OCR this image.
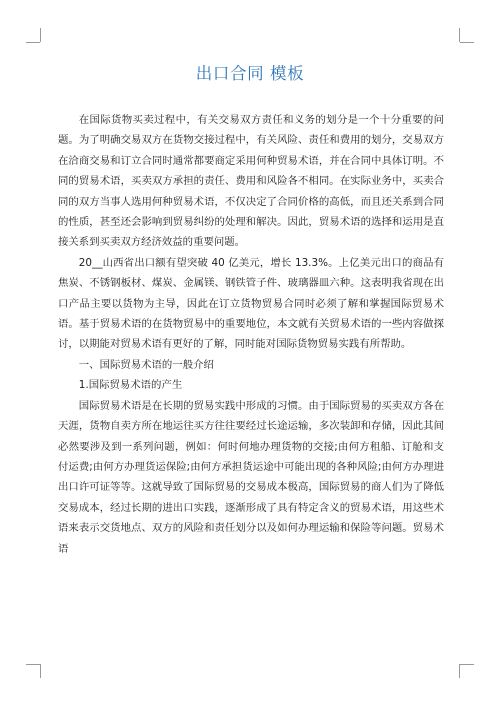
出口合同 模板

在国际货物买卖过程中，有关交易双方责任和义务的划分是一个十分重要的问题。为了明确交易双方在货物交接过程中，有关风险、责任和费用的划分，交易双方在洽商交易和订立合同时通常都要商定采用何种贸易术语，并在合同中具体订明。不同的贸易术语，买卖双方承担的责任、费用和风险各不相同。在实际业务中，买卖合同的双方当事人选用何种贸易术语，不仅决定了合同价格的高低，而且还关系到合同的性质，甚至还会影响到贸易纠纷的处理和解决。因此，贸易术语的选择和运用是直接关系到买卖双方经济效益的重要问题。

20__山西省出口额有望突破 40 亿美元，增长 13.3%。上亿美元出口的商品有焦炭、不锈钢板材、煤炭、金属镁、钢铁管子件、玻璃器皿六种。这表明我省现在出口产品主要以货物为主导，因此在订立货物贸易合同时必须了解和掌握国际贸易术语。基于贸易术语的在货物贸易中的重要地位，本文就有关贸易术语的一些内容做探讨，以期能对贸易术语有更好的了解，同时能对国际货物贸易实践有所帮助。

一、国际贸易术语的一般介绍

1.国际贸易术语的产生

国际贸易术语是在长期的贸易实践中形成的习惯。由于国际贸易的买卖双方各在天涯，货物自卖方所在地运往买方往往要经过长途运输，多次装卸和存储，因此其间必然要涉及到一系列问题，例如：何时何地办理货物的交接;由何方租船、订舱和支付运费;由何方办理货运保险;由何方承担货运途中可能出现的各种风险;由何方办理进出口许可证等等。这就导致了国际贸易的交易成本极高，国际贸易的商人们为了降低交易成本，经过长期的进出口实践，逐渐形成了具有特定含义的贸易术语，用这些术语来表示交货地点、双方的风险和责任划分以及如何办理运输和保险等问题。贸易术语
